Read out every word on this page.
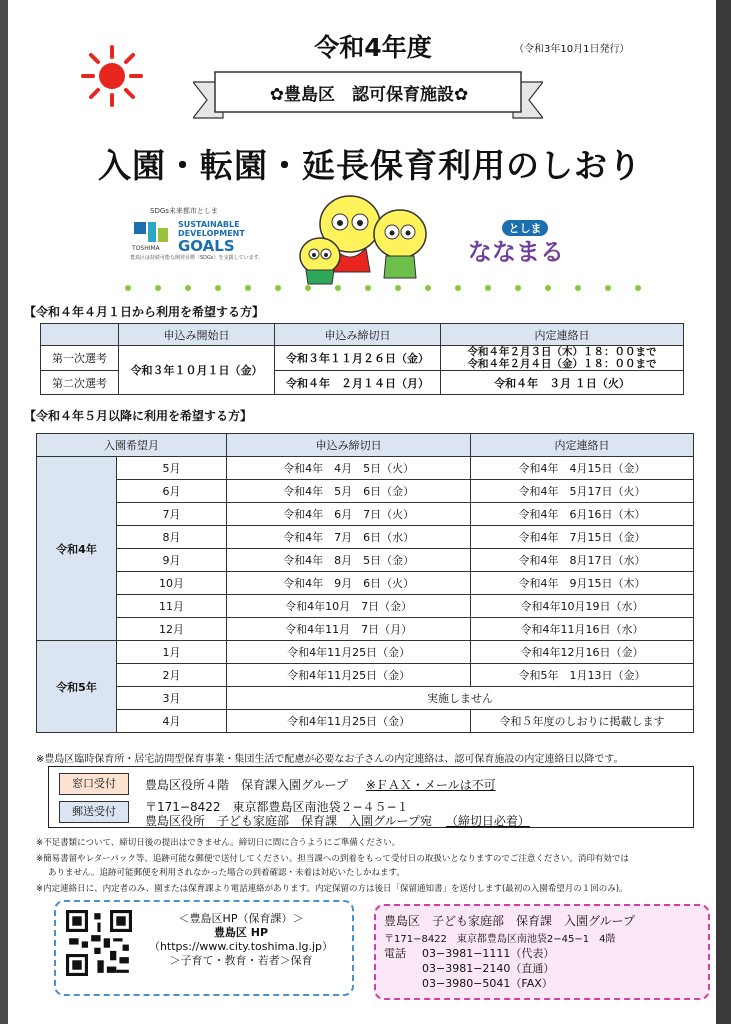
（令和3年10月1日発行）
令和4年度
✿豊島区　認可保育施設✿
入園・転園・延長保育利用のしおり
SDGs未来都市としま
TOSHIMA
SUSTAINABLE
DEVELOPMENT
GOALS
豊島区は持続可能な開発目標（SDGs）を支援しています。
としま
ななまる
【令和４年４月１日から利用を希望する方】
	申込み開始日	申込み締切日	内定連絡日
第一次選考	令和３年１０月１日（金）	令和３年１１月２６日（金）	令和４年２月３日（木）１８：００まで
令和４年２月４日（金）１８：００まで

第二次選考		令和４年　２月１４日（月）	令和４年　３月 １日（火）
【令和４年５月以降に利用を希望する方】
入園希望月		申込み締切日	内定連絡日
令和4年	5月	令和4年　4月　5日（火）	令和4年　4月15日（金）
	6月	令和4年　5月　6日（金）	令和4年　5月17日（火）
	7月	令和4年　6月　7日（火）	令和4年　6月16日（木）
	8月	令和4年　7月　6日（水）	令和4年　7月15日（金）
	9月	令和4年　8月　5日（金）	令和4年　8月17日（水）
	10月	令和4年　9月　6日（火）	令和4年　9月15日（木）
	11月	令和4年10月　7日（金）	令和4年10月19日（水）
	12月	令和4年11月　7日（月）	令和4年11月16日（水）
令和5年	1月	令和4年11月25日（金）	令和4年12月16日（金）
	2月	令和4年11月25日（金）	令和5年　1月13日（金）
	3月	実施しません	
	4月	令和4年11月25日（金）	令和５年度のしおりに掲載します
※豊島区臨時保育所・居宅訪問型保育事業・集団生活で配慮が必要なお子さんの内定連絡は、認可保育施設の内定連絡日以降です。
窓口受付	豊島区役所４階　保育課入園グループ ※ＦＡＸ・メールは不可
郵送受付	〒171−8422　東京都豊島区南池袋２−４５−１
豊島区役所　子ども家庭部　保育課　入園グループ宛 （締切日必着）
※不足書類について、締切日後の提出はできません。締切日に間に合うようにご準備ください。
※簡易書留やレターパック等、追跡可能な郵便で送付してください。担当課への到着をもって受付日の取扱いとなりますのでご注意ください。消印有効では
ありません。追跡可能郵便を利用されなかった場合の到着確認・未着は対応いたしかねます。
※内定連絡日に、内定者のみ、園または保育課より電話連絡があります。内定保留の方は後日「保留通知書」を送付します(最初の入園希望月の１回のみ)。
＜豊島区HP（保育課）＞
豊島区 HP
（https://www.city.toshima.lg.jp）
＞子育て・教育・若者＞保育
豊島区　子ども家庭部　保育課　入園グループ
〒171−8422　東京都豊島区南池袋2−45−1　4階
電話 03−3981−1111（代表）
03−3981−2140（直通）
03−3980−5041（FAX）
